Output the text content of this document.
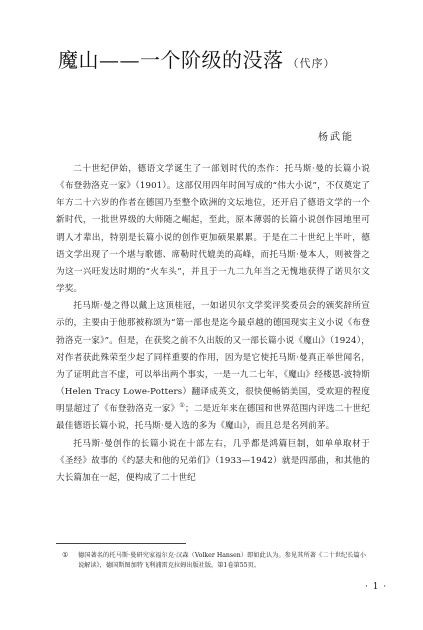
魔山——一个阶级的没落 （代序）
杨武能

二十世纪伊始，德语文学诞生了一部划时代的杰作：托马斯·曼的长篇小说《布登勃洛克一家》（1901）。这部仅用四年时间写成的“伟大小说”，不仅奠定了年方二十六岁的作者在德国乃至整个欧洲的文坛地位，还开启了德语文学的一个新时代，一批世界级的大师随之崛起，至此，原本薄弱的长篇小说创作园地里可谓人才辈出，特别是长篇小说的创作更加硕果累累。于是在二十世纪上半叶，德语文学出现了一个堪与歌德、席勒时代媲美的高峰，而托马斯·曼本人，则被誉之为这一兴旺发达时期的“火车头”，并且于一九二九年当之无愧地获得了诺贝尔文学奖。

托马斯·曼之得以戴上这顶桂冠，一如诺贝尔文学奖评奖委员会的颁奖辞所宣示的，主要由于他那被称颂为“第一部也是迄今最卓越的德国现实主义小说《布登勃洛克一家》”。但是，在获奖之前不久出版的又一部长篇小说《魔山》（1924），对作者获此殊荣至少起了同样重要的作用，因为是它使托马斯·曼真正举世闻名，为了证明此言不虚，可以举出两个事实，一是一九二七年，《魔山》经楼恩-波特斯（Helen Tracy Lowe-Potters）翻译成英文，很快便畅销美国，受欢迎的程度明显超过了《布登勃洛克一家》①；二是近年来在德国和世界范围内评选二十世纪最佳德语长篇小说，托马斯·曼入选的多为《魔山》，而且总是名列前茅。

托马斯·曼创作的长篇小说在十部左右，几乎都是鸿篇巨制，如单单取材于《圣经》故事的《约瑟夫和他的兄弟们》（1933—1942）就是四部曲，和其他的大长篇加在一起，便构成了二十世纪

① 德国著名的托马斯·曼研究家福尔克·汉森（Volker Hansen）即如此认为。参见其所著《二十世纪长篇小说解读》，德国斯图加特飞利浦雷克拉姆出版社版，第1卷第55页。

· 1 ·
